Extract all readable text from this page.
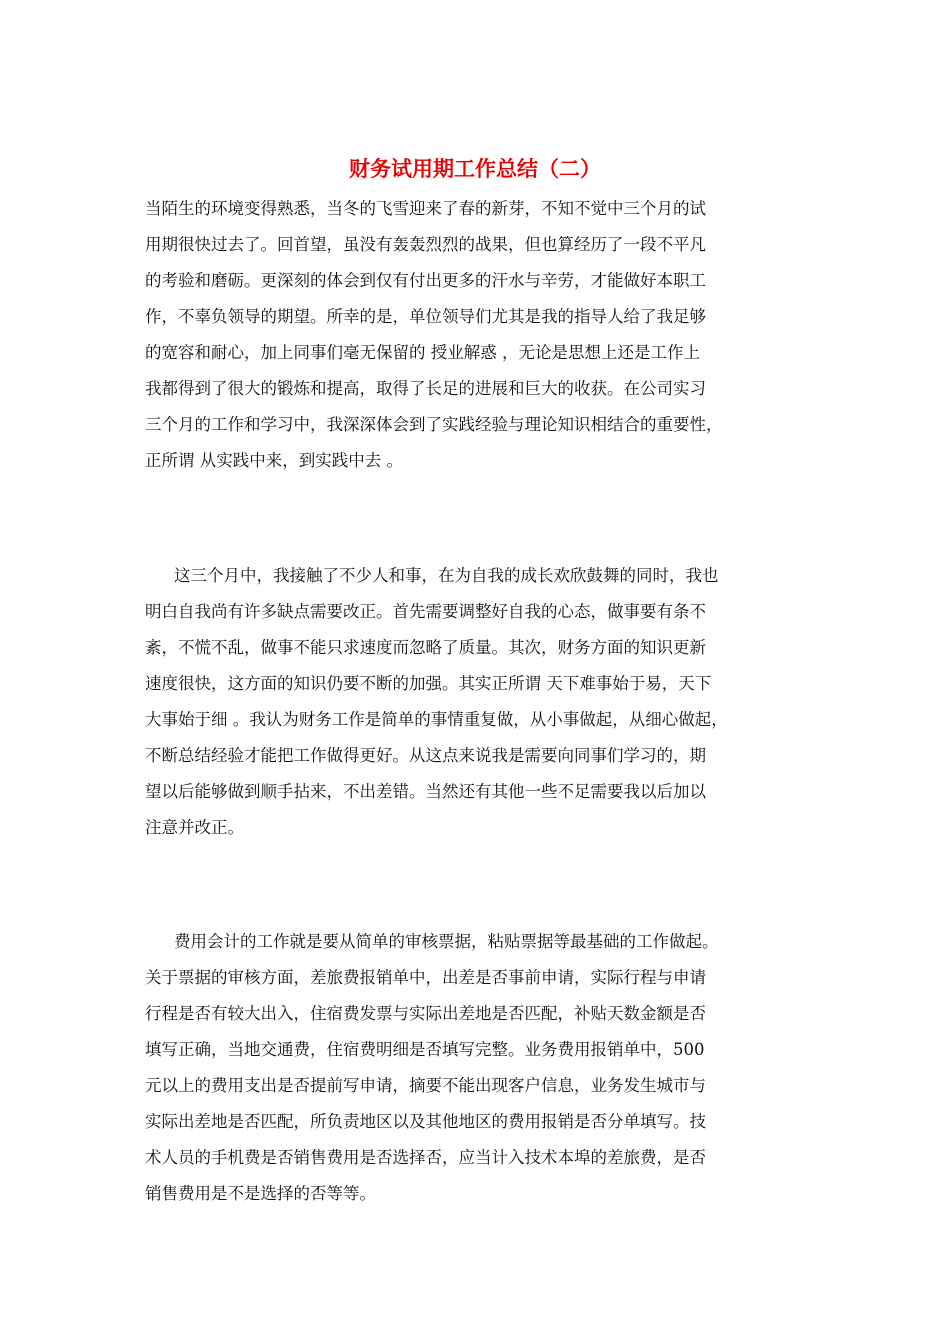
财务试用期工作总结（二）

当陌生的环境变得熟悉，当冬的飞雪迎来了春的新芽，不知不觉中三个月的试

用期很快过去了。回首望，虽没有轰轰烈烈的战果，但也算经历了一段不平凡

的考验和磨砺。更深刻的体会到仅有付出更多的汗水与辛劳，才能做好本职工

作，不辜负领导的期望。所幸的是，单位领导们尤其是我的指导人给了我足够

的宽容和耐心，加上同事们毫无保留的 授业解惑 ，无论是思想上还是工作上

我都得到了很大的锻炼和提高，取得了长足的进展和巨大的收获。在公司实习

三个月的工作和学习中，我深深体会到了实践经验与理论知识相结合的重要性，

正所谓 从实践中来，到实践中去 。

这三个月中，我接触了不少人和事，在为自我的成长欢欣鼓舞的同时，我也

明白自我尚有许多缺点需要改正。首先需要调整好自我的心态，做事要有条不

紊，不慌不乱，做事不能只求速度而忽略了质量。其次，财务方面的知识更新

速度很快，这方面的知识仍要不断的加强。其实正所谓 天下难事始于易，天下

大事始于细 。我认为财务工作是简单的事情重复做，从小事做起，从细心做起，

不断总结经验才能把工作做得更好。从这点来说我是需要向同事们学习的，期

望以后能够做到顺手拈来，不出差错。当然还有其他一些不足需要我以后加以

注意并改正。

费用会计的工作就是要从简单的审核票据，粘贴票据等最基础的工作做起。

关于票据的审核方面，差旅费报销单中，出差是否事前申请，实际行程与申请

行程是否有较大出入，住宿费发票与实际出差地是否匹配，补贴天数金额是否

填写正确，当地交通费，住宿费明细是否填写完整。业务费用报销单中，500

元以上的费用支出是否提前写申请，摘要不能出现客户信息，业务发生城市与

实际出差地是否匹配，所负责地区以及其他地区的费用报销是否分单填写。技

术人员的手机费是否销售费用是否选择否，应当计入技术本埠的差旅费，是否

销售费用是不是选择的否等等。
